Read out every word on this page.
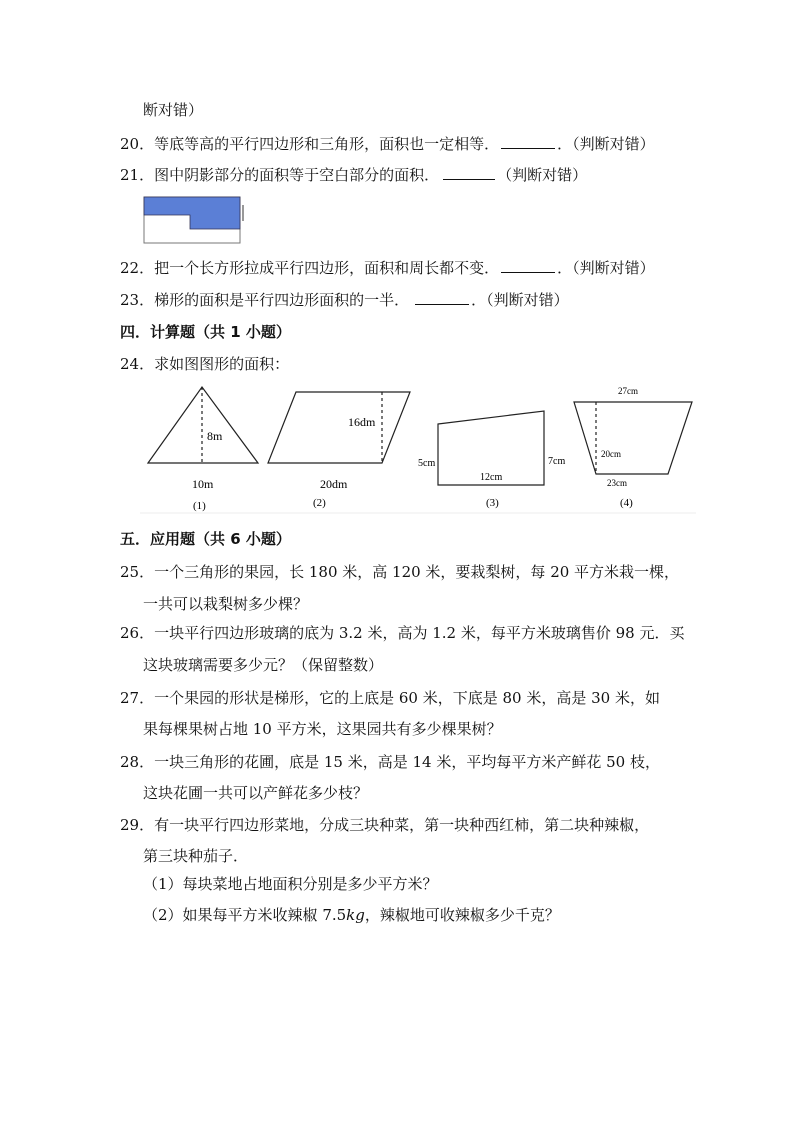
断对错）
20．等底等高的平行四边形和三角形，面积也一定相等．	．（判断对错）
21．图中阴影部分的面积等于空白部分的面积．	（判断对错）
22．把一个长方形拉成平行四边形，面积和周长都不变．	．（判断对错）
23．梯形的面积是平行四边形面积的一半．	．（判断对错）
四．计算题（共 1 小题）
24．求如图图形的面积：
8m
10m
(1)
16dm
20dm
(2)
5cm
12cm
7cm
(3)
27cm
20cm
23cm
(4)
五．应用题（共 6 小题）
25．一个三角形的果园，长 180 米，高 120 米，要栽梨树，每 20 平方米栽一棵，
一共可以栽梨树多少棵？
26．一块平行四边形玻璃的底为 3.2 米，高为 1.2 米，每平方米玻璃售价 98 元．买
这块玻璃需要多少元？（保留整数）
27．一个果园的形状是梯形，它的上底是 60 米，下底是 80 米，高是 30 米，如
果每棵果树占地 10 平方米，这果园共有多少棵果树？
28．一块三角形的花圃，底是 15 米，高是 14 米，平均每平方米产鲜花 50 枝，
这块花圃一共可以产鲜花多少枝？
29．有一块平行四边形菜地，分成三块种菜，第一块种西红柿，第二块种辣椒，
第三块种茄子．
（1）每块菜地占地面积分别是多少平方米？
（2）如果每平方米收辣椒 7.5kg，辣椒地可收辣椒多少千克？
